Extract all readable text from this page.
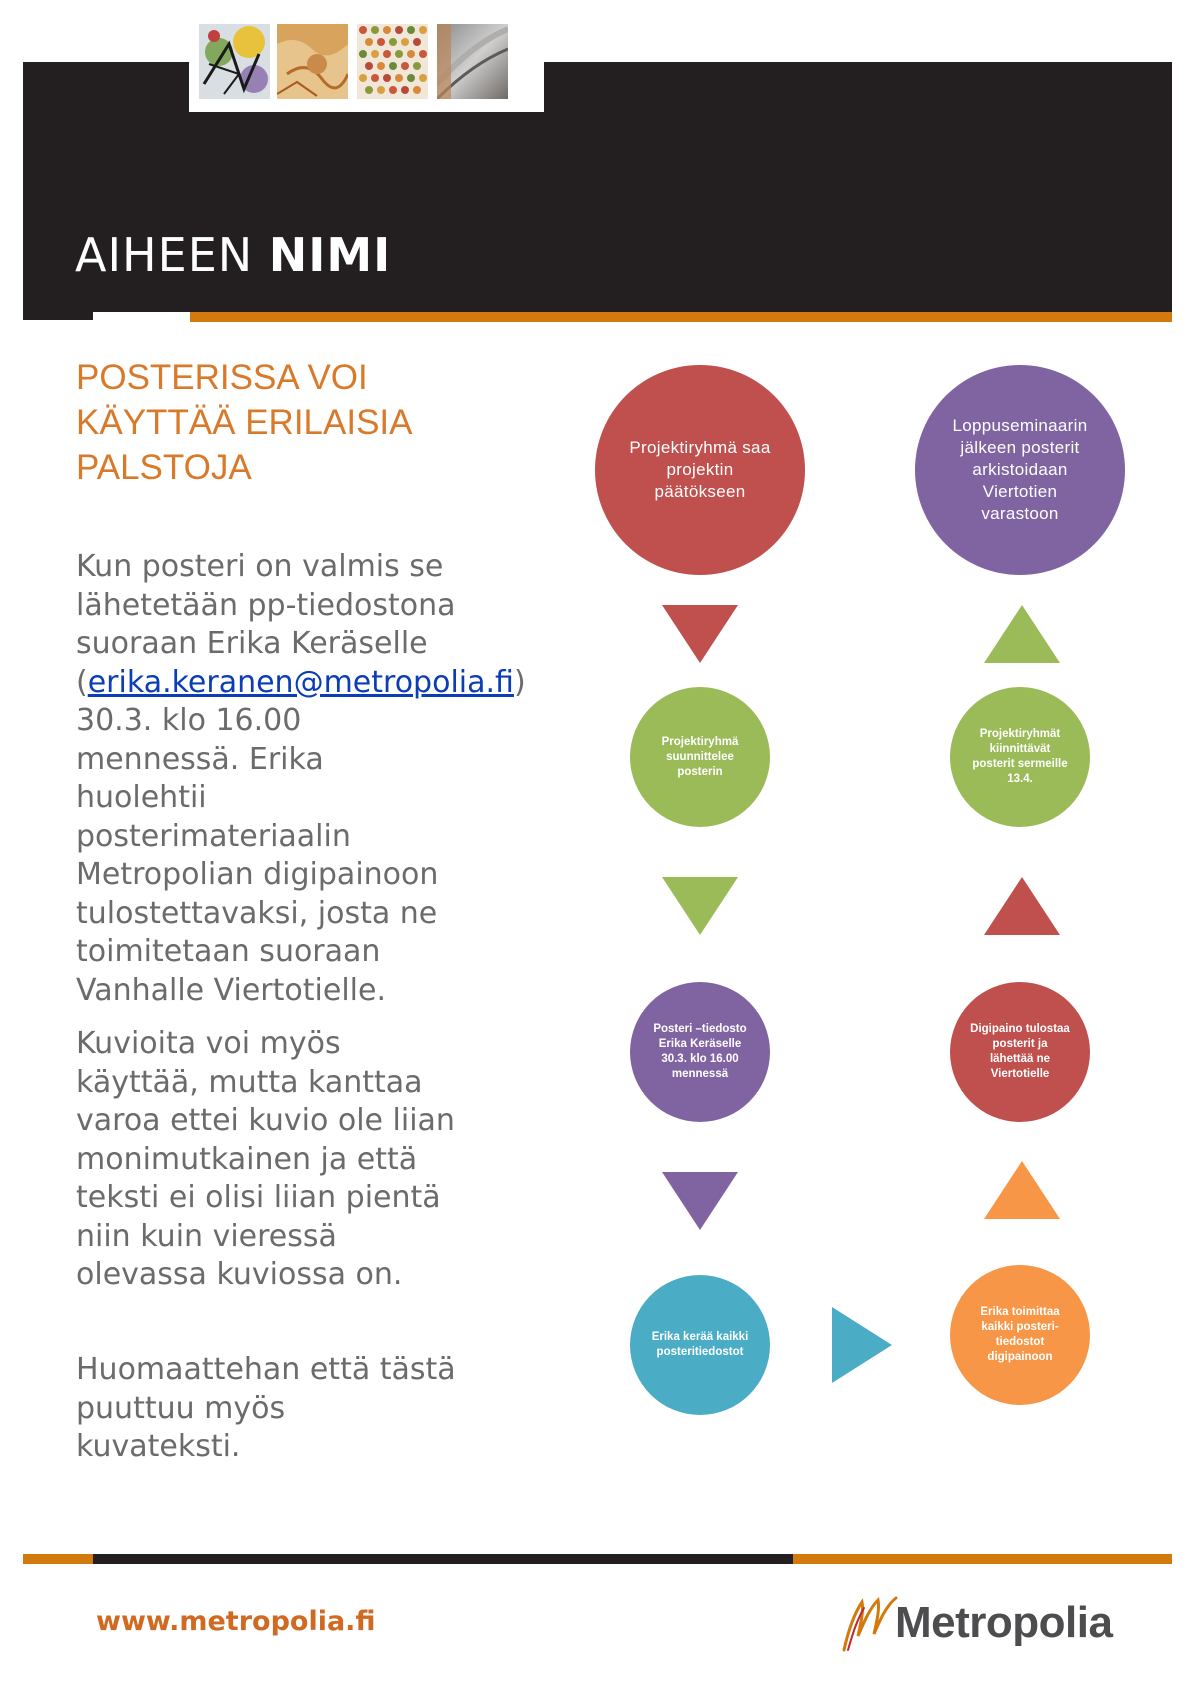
AIHEEN NIMI
POSTERISSA VOI
KÄYTTÄÄ ERILAISIA
PALSTOJA

Kun posteri on valmis se lähetetään pp-tiedostona suoraan Erika Keräselle (erika.keranen@metropolia.fi) 30.3. klo 16.00 mennessä. Erika huolehtii posterimateriaalin Metropolian digipainoon tulostettavaksi, josta ne toimitetaan suoraan Vanhalle Viertotielle.

Kuvioita voi myös käyttää, mutta kanttaa varoa ettei kuvio ole liian monimutkainen ja että teksti ei olisi liian pientä niin kuin vieressä olevassa kuviossa on.

Huomaattehan että tästä puuttuu myös kuvateksti.

Projektiryhmä saa projektin päätökseen
Loppuseminaarin jälkeen posterit arkistoidaan Viertotien varastoon
Projektiryhmä suunnittelee posterin
Projektiryhmät kiinnittävät posterit sermeille 13.4.
Posteri –tiedosto Erika Keräselle 30.3. klo 16.00 mennessä
Digipaino tulostaa posterit ja lähettää ne Viertotielle
Erika kerää kaikki posteritiedostot
Erika toimittaa kaikki posteri-tiedostot digipainoon

www.metropolia.fi	Metropolia
